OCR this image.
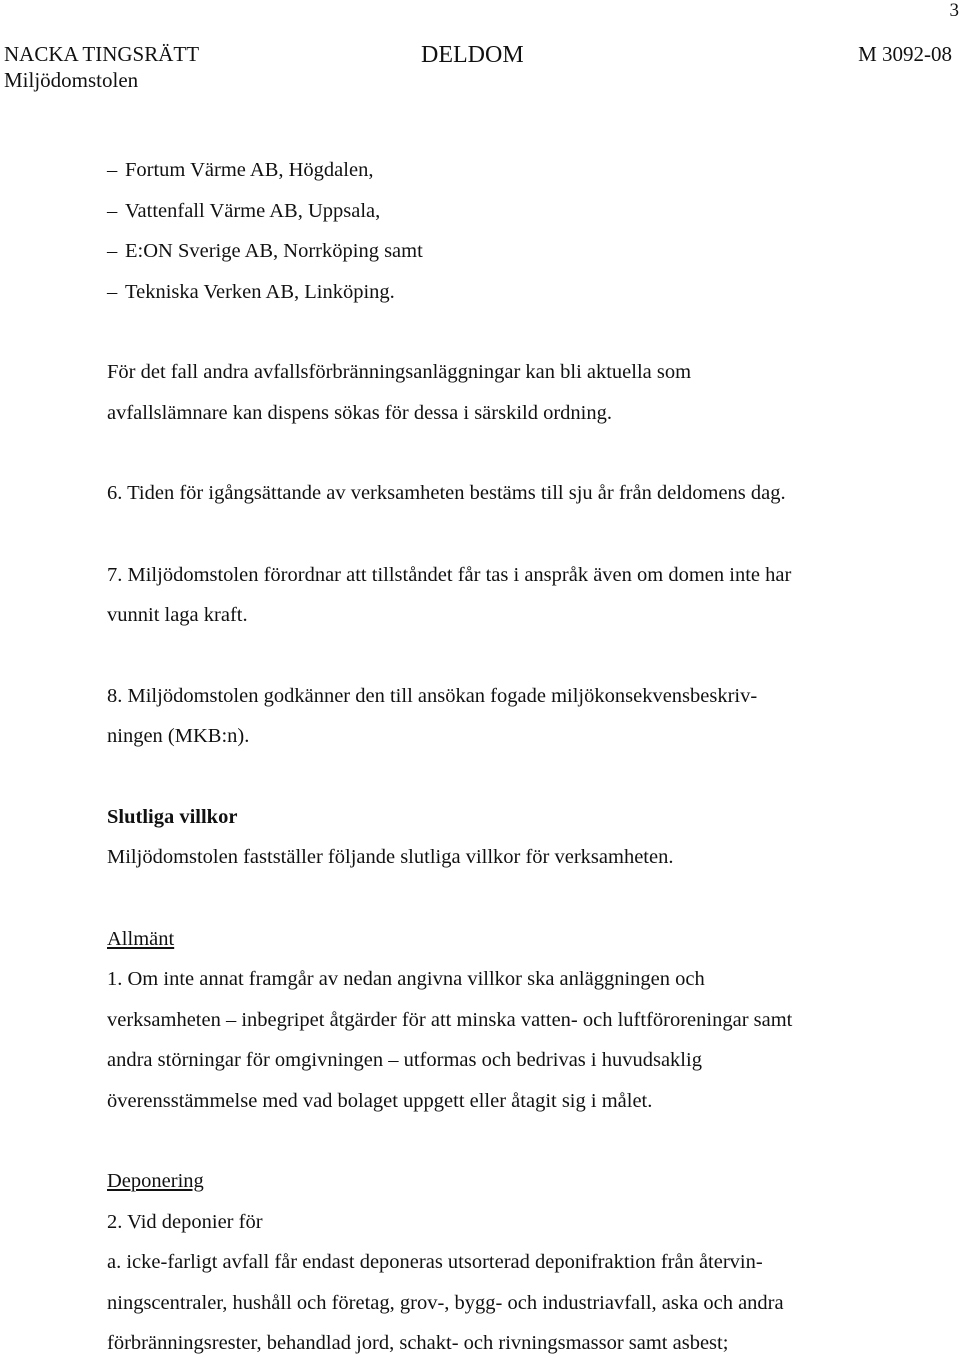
3
NACKA TINGSRÄTT
Miljödomstolen
DELDOM	M 3092-08
– Fortum Värme AB, Högdalen,
– Vattenfall Värme AB, Uppsala,
– E:ON Sverige AB, Norrköping samt
– Tekniska Verken AB, Linköping.
För det fall andra avfallsförbränningsanläggningar kan bli aktuella som
avfallslämnare kan dispens sökas för dessa i särskild ordning.
6. Tiden för igångsättande av verksamheten bestäms till sju år från deldomens dag.
7. Miljödomstolen förordnar att tillståndet får tas i anspråk även om domen inte har
vunnit laga kraft.
8. Miljödomstolen godkänner den till ansökan fogade miljökonsekvensbeskriv-
ningen (MKB:n).
Slutliga villkor
Miljödomstolen fastställer följande slutliga villkor för verksamheten.
Allmänt
1. Om inte annat framgår av nedan angivna villkor ska anläggningen och
verksamheten – inbegripet åtgärder för att minska vatten- och luftföroreningar samt
andra störningar för omgivningen – utformas och bedrivas i huvudsaklig
överensstämmelse med vad bolaget uppgett eller åtagit sig i målet.
Deponering
2. Vid deponier för
a. icke-farligt avfall får endast deponeras utsorterad deponifraktion från återvin-
ningscentraler, hushåll och företag, grov-, bygg- och industriavfall, aska och andra
förbränningsrester, behandlad jord, schakt- och rivningsmassor samt asbest;
